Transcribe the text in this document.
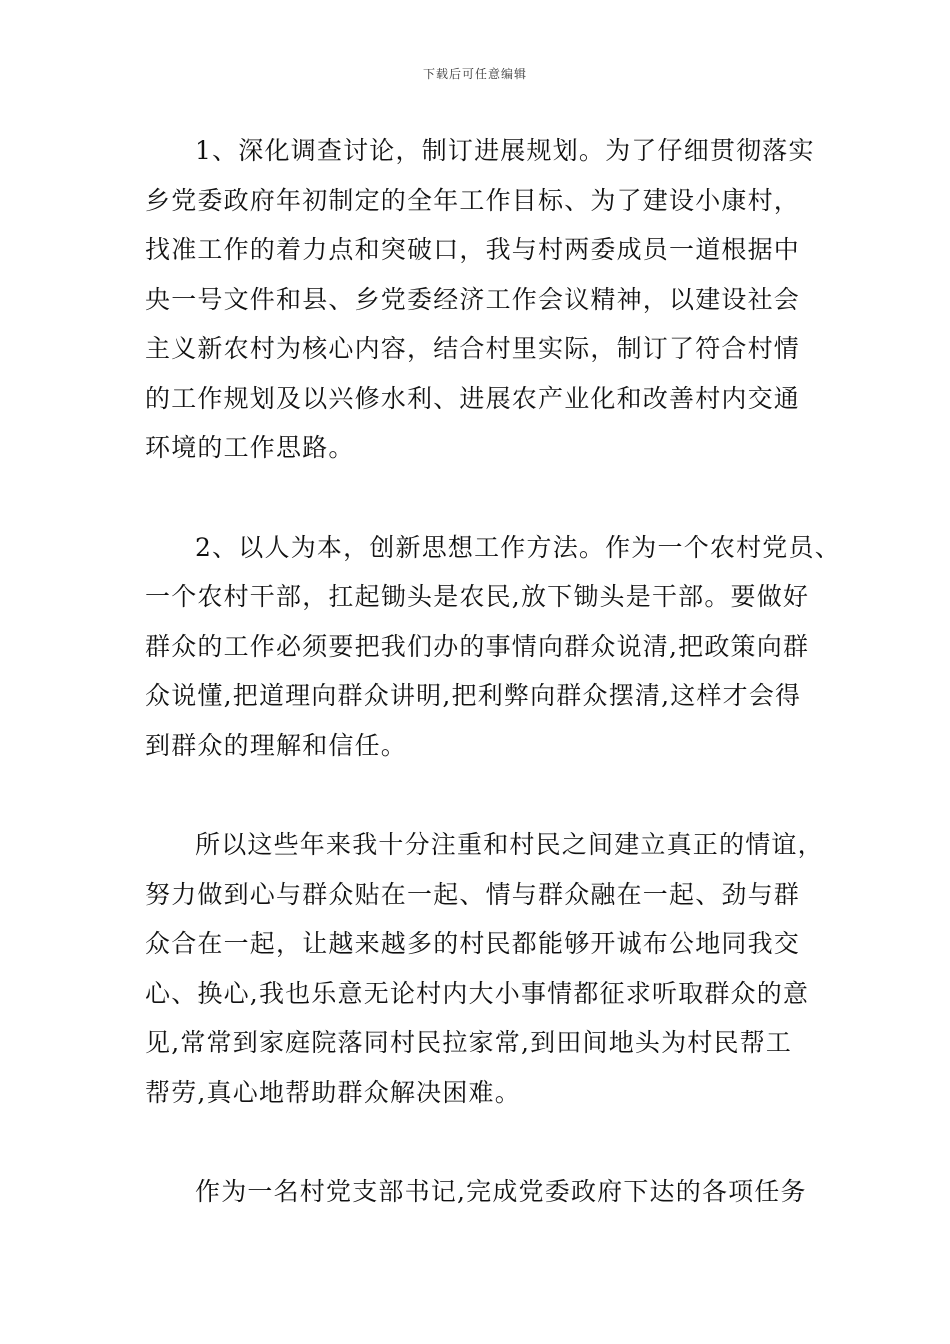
下载后可任意编辑
1、深化调查讨论，制订进展规划。为了仔细贯彻落实
乡党委政府年初制定的全年工作目标、为了建设小康村，
找准工作的着力点和突破口，我与村两委成员一道根据中
央一号文件和县、乡党委经济工作会议精神，以建设社会
主义新农村为核心内容，结合村里实际，制订了符合村情
的工作规划及以兴修水利、进展农产业化和改善村内交通
环境的工作思路。
2、以人为本，创新思想工作方法。作为一个农村党员、
一个农村干部，扛起锄头是农民,放下锄头是干部。要做好
群众的工作必须要把我们办的事情向群众说清,把政策向群
众说懂,把道理向群众讲明,把利弊向群众摆清,这样才会得
到群众的理解和信任。
所以这些年来我十分注重和村民之间建立真正的情谊，
努力做到心与群众贴在一起、情与群众融在一起、劲与群
众合在一起，让越来越多的村民都能够开诚布公地同我交
心、换心,我也乐意无论村内大小事情都征求听取群众的意
见,常常到家庭院落同村民拉家常,到田间地头为村民帮工
帮劳,真心地帮助群众解决困难。
作为一名村党支部书记,完成党委政府下达的各项任务
